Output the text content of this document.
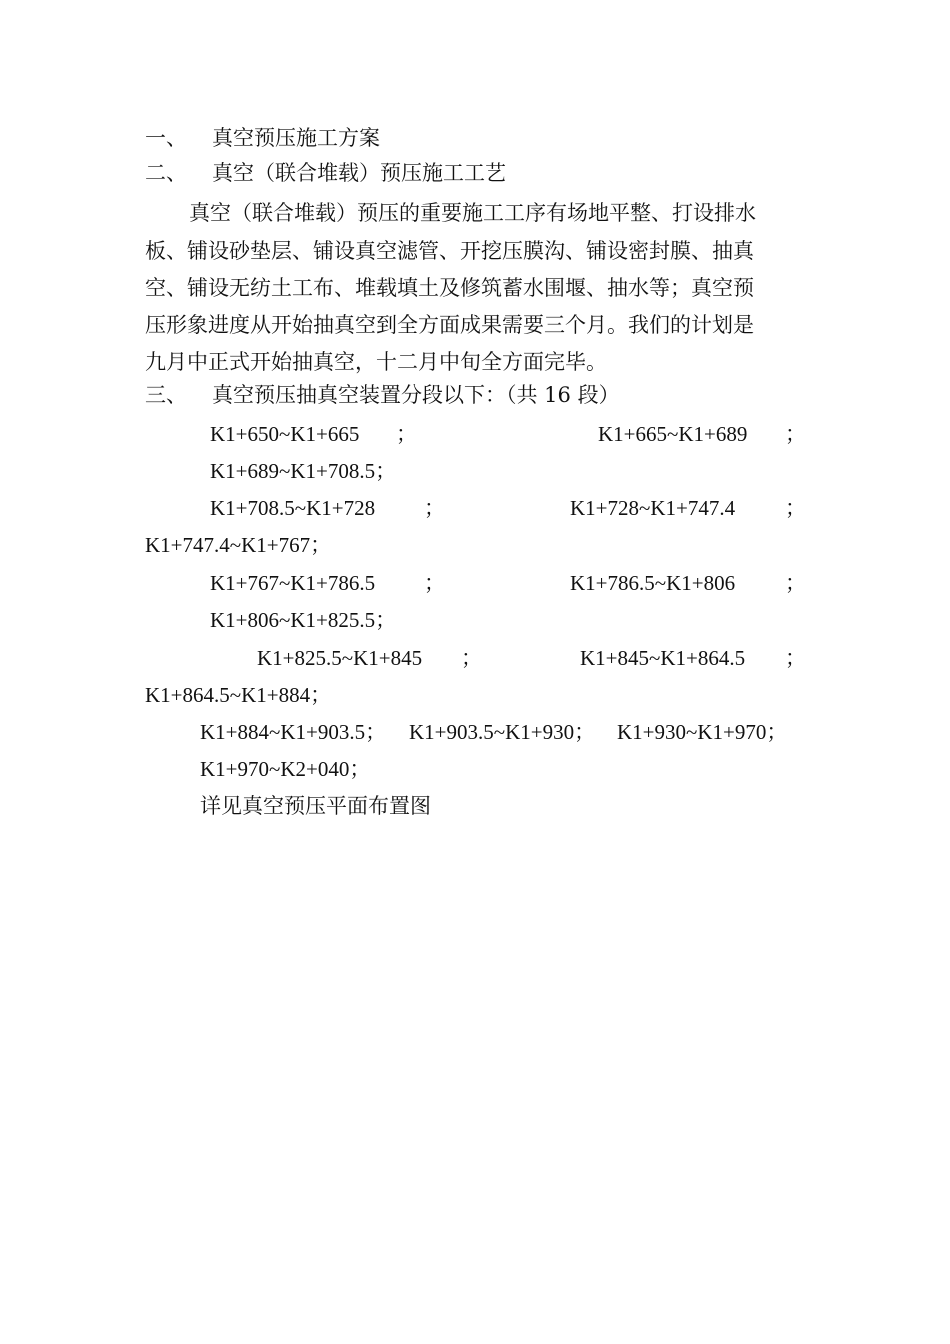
一、 真空预压施工方案
二、 真空（联合堆载）预压施工工艺
真空（联合堆载）预压的重要施工工序有场地平整、打设排水
板、铺设砂垫层、铺设真空滤管、开挖压膜沟、铺设密封膜、抽真
空、铺设无纺土工布、堆载填土及修筑蓄水围堰、抽水等；真空预
压形象进度从开始抽真空到全方面成果需要三个月。我们的计划是
九月中正式开始抽真空，十二月中旬全方面完毕。
三、 真空预压抽真空装置分段以下：（共 16 段）
K1+650~K1+665 ；	K1+665~K1+689 ；
K1+689~K1+708.5；
K1+708.5~K1+728 ；	K1+728~K1+747.4 ；
K1+747.4~K1+767；
K1+767~K1+786.5 ；	K1+786.5~K1+806 ；
K1+806~K1+825.5；
K1+825.5~K1+845 ；	K1+845~K1+864.5 ；
K1+864.5~K1+884；
K1+884~K1+903.5； K1+903.5~K1+930； K1+930~K1+970；
K1+970~K2+040；
详见真空预压平面布置图
